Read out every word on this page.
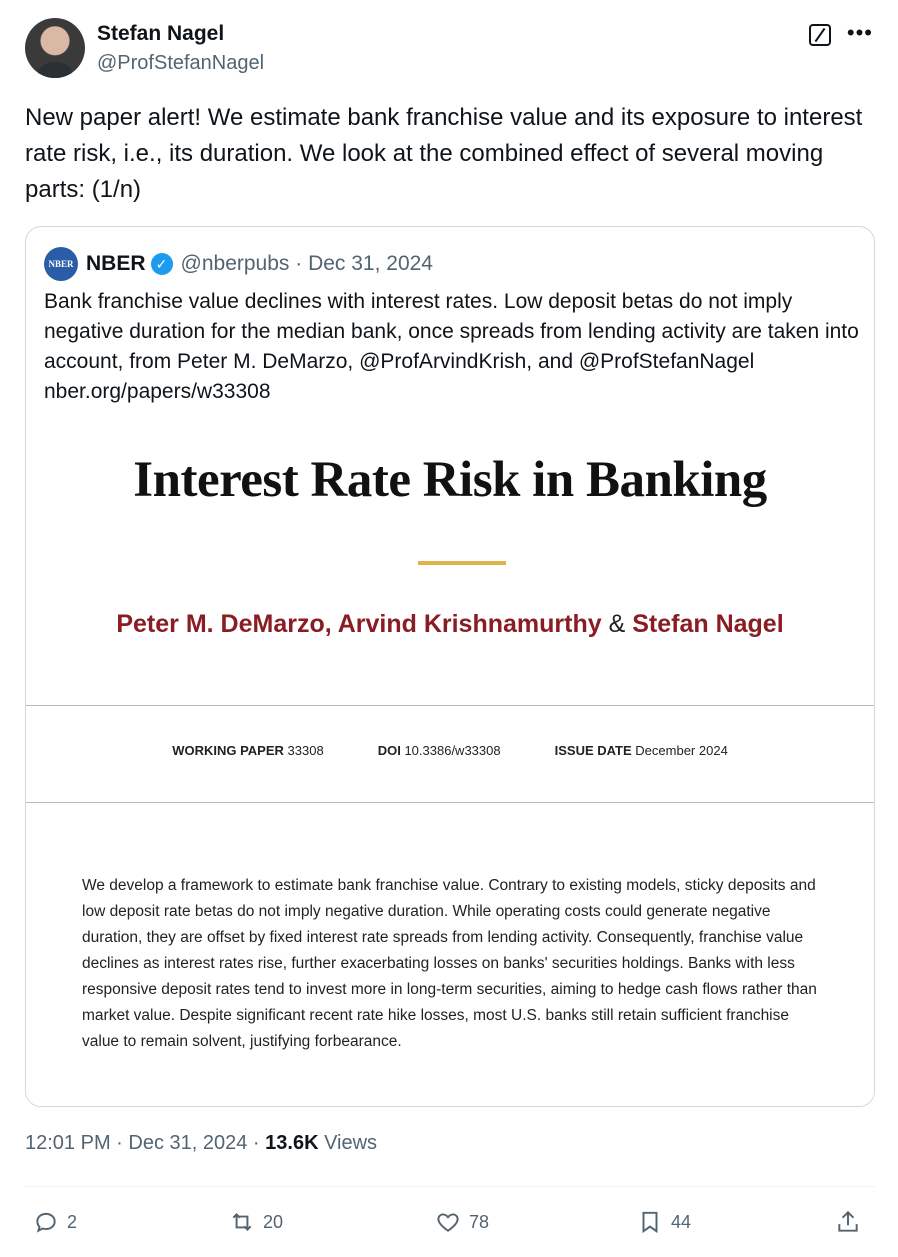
Stefan Nagel
@ProfStefanNagel
•••
New paper alert! We estimate bank franchise value and its exposure to interest rate risk, i.e., its duration. We look at the combined effect of several moving parts: (1/n)
NBER NBER ✓ @nberpubs · Dec 31, 2024
Bank franchise value declines with interest rates. Low deposit betas do not imply negative duration for the median bank, once spreads from lending activity are taken into account, from Peter M. DeMarzo, @ProfArvindKrish, and @ProfStefanNagel nber.org/papers/w33308
Interest Rate Risk in Banking
Peter M. DeMarzo, Arvind Krishnamurthy & Stefan Nagel
WORKING PAPER 33308	DOI 10.3386/w33308	ISSUE DATE December 2024
We develop a framework to estimate bank franchise value. Contrary to existing models, sticky deposits and low deposit rate betas do not imply negative duration. While operating costs could generate negative duration, they are offset by fixed interest rate spreads from lending activity. Consequently, franchise value declines as interest rates rise, further exacerbating losses on banks' securities holdings. Banks with less responsive deposit rates tend to invest more in long-term securities, aiming to hedge cash flows rather than market value. Despite significant recent rate hike losses, most U.S. banks still retain sufficient franchise value to remain solvent, justifying forbearance.
12:01 PM · Dec 31, 2024 · 13.6K Views
2	20	78	44
